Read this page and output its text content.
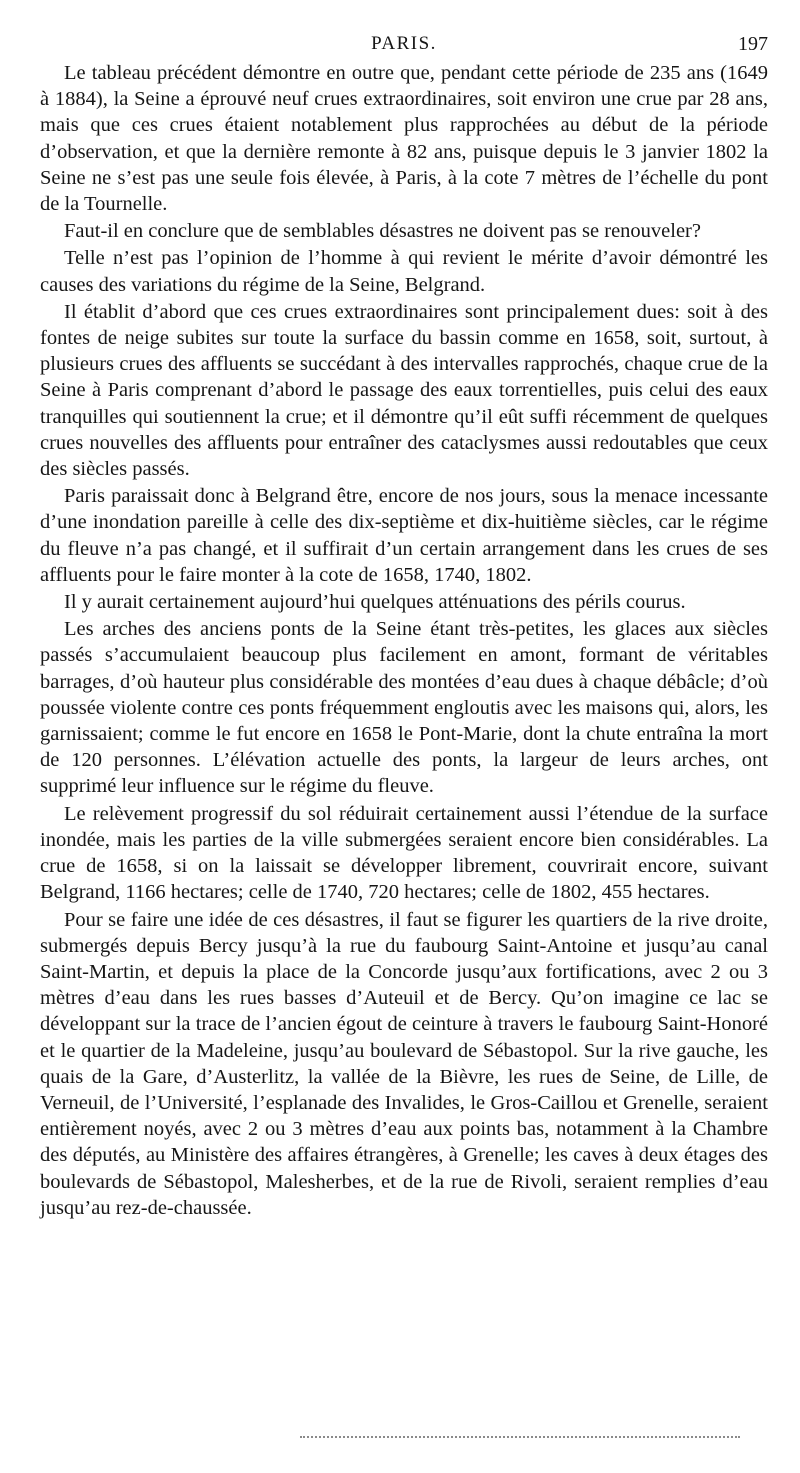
PARIS.	197

Le tableau précédent démontre en outre que, pendant cette période de 235 ans (1649 à 1884), la Seine a éprouvé neuf crues extraordinaires, soit environ une crue par 28 ans, mais que ces crues étaient notablement plus rapprochées au début de la période d’observation, et que la dernière remonte à 82 ans, puisque depuis le 3 janvier 1802 la Seine ne s’est pas une seule fois élevée, à Paris, à la cote 7 mètres de l’échelle du pont de la Tournelle.

Faut-il en conclure que de semblables désastres ne doivent pas se renouveler?

Telle n’est pas l’opinion de l’homme à qui revient le mérite d’avoir démontré les causes des variations du régime de la Seine, Belgrand.

Il établit d’abord que ces crues extraordinaires sont principalement dues: soit à des fontes de neige subites sur toute la surface du bassin comme en 1658, soit, surtout, à plusieurs crues des affluents se succédant à des intervalles rapprochés, chaque crue de la Seine à Paris comprenant d’abord le passage des eaux torrentielles, puis celui des eaux tranquilles qui soutiennent la crue; et il démontre qu’il eût suffi récemment de quelques crues nouvelles des affluents pour entraîner des cataclysmes aussi redoutables que ceux des siècles passés.

Paris paraissait donc à Belgrand être, encore de nos jours, sous la menace incessante d’une inondation pareille à celle des dix-septième et dix-huitième siècles, car le régime du fleuve n’a pas changé, et il suffirait d’un certain arrangement dans les crues de ses affluents pour le faire monter à la cote de 1658, 1740, 1802.

Il y aurait certainement aujourd’hui quelques atténuations des périls courus.

Les arches des anciens ponts de la Seine étant très-petites, les glaces aux siècles passés s’accumulaient beaucoup plus facilement en amont, formant de véritables barrages, d’où hauteur plus considérable des montées d’eau dues à chaque débâcle; d’où poussée violente contre ces ponts fréquemment engloutis avec les maisons qui, alors, les garnissaient; comme le fut encore en 1658 le Pont-Marie, dont la chute entraîna la mort de 120 personnes. L’élévation actuelle des ponts, la largeur de leurs arches, ont supprimé leur influence sur le régime du fleuve.

Le relèvement progressif du sol réduirait certainement aussi l’étendue de la surface inondée, mais les parties de la ville submergées seraient encore bien considérables. La crue de 1658, si on la laissait se développer librement, couvrirait encore, suivant Belgrand, 1166 hectares; celle de 1740, 720 hectares; celle de 1802, 455 hectares.

Pour se faire une idée de ces désastres, il faut se figurer les quartiers de la rive droite, submergés depuis Bercy jusqu’à la rue du faubourg Saint-Antoine et jusqu’au canal Saint-Martin, et depuis la place de la Concorde jusqu’aux fortifications, avec 2 ou 3 mètres d’eau dans les rues basses d’Auteuil et de Bercy. Qu’on imagine ce lac se développant sur la trace de l’ancien égout de ceinture à travers le faubourg Saint-Honoré et le quartier de la Madeleine, jusqu’au boulevard de Sébastopol. Sur la rive gauche, les quais de la Gare, d’Austerlitz, la vallée de la Bièvre, les rues de Seine, de Lille, de Verneuil, de l’Université, l’esplanade des Invalides, le Gros-Caillou et Grenelle, seraient entièrement noyés, avec 2 ou 3 mètres d’eau aux points bas, notamment à la Chambre des députés, au Ministère des affaires étrangères, à Grenelle; les caves à deux étages des boulevards de Sébastopol, Malesherbes, et de la rue de Rivoli, seraient remplies d’eau jusqu’au rez-de-chaussée.
